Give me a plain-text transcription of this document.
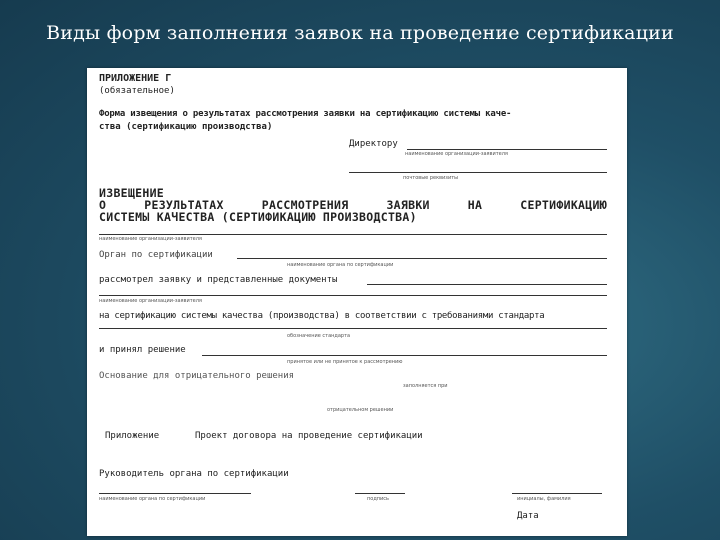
Виды форм заполнения заявок на проведение сертификации
ПРИЛОЖЕНИЕ Г
(обязательное)
Форма извещения о результатах рассмотрения заявки на сертификацию системы каче-
ства (сертификацию производства)
Директору
наименование организации-заявителя
почтовые реквизиты
ИЗВЕЩЕНИЕ
О	РЕЗУЛЬТАТАХ	РАССМОТРЕНИЯ	ЗАЯВКИ	НА	СЕРТИФИКАЦИЮ
СИСТЕМЫ КАЧЕСТВА (СЕРТИФИКАЦИЮ ПРОИЗВОДСТВА)
наименование организации-заявителя
Орган по сертификации
наименование органа по сертификации
рассмотрел заявку и представленные документы
наименование организации-заявителя
на сертификацию системы качества (производства) в соответствии с требованиями стандарта
обозначение стандарта
и принял решение
принятое или не принятое к рассмотрению
Основание для отрицательного решения
заполняется при
отрицательном решении
Приложение	Проект договора на проведение сертификации
Руководитель органа по сертификации
наименование органа по сертификации	подпись	инициалы, фамилия
Дата
